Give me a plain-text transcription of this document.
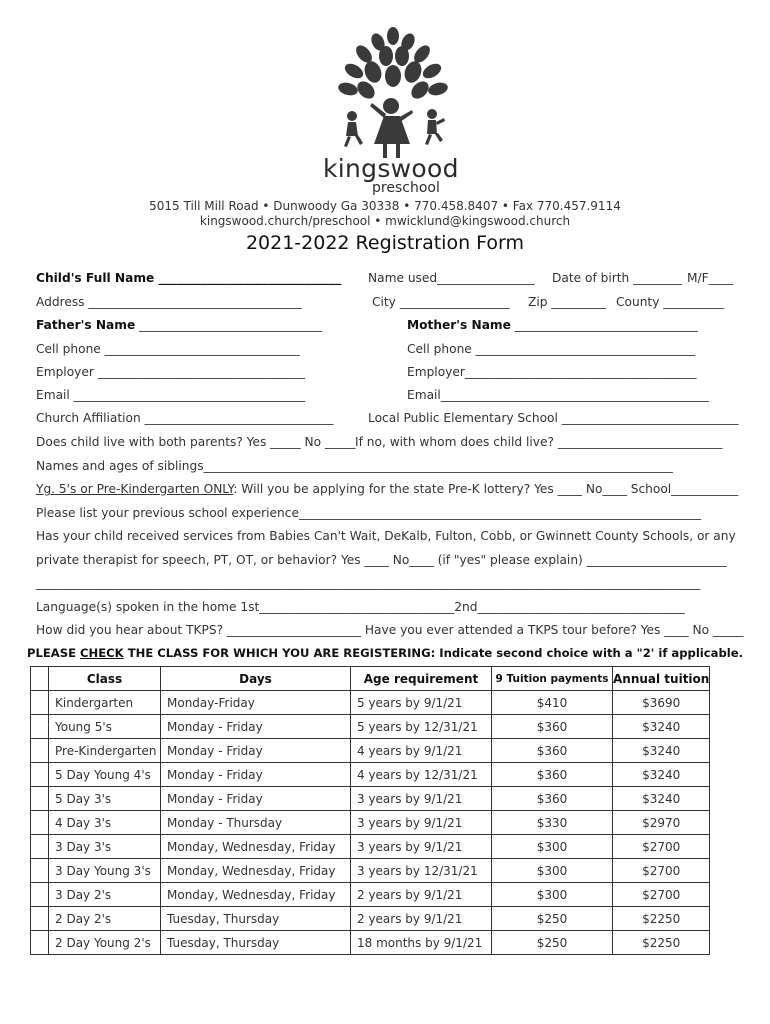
kingswood
preschool
5015 Till Mill Road • Dunwoody Ga 30338 • 770.458.8407 • Fax 770.457.9114
kingswood.church/preschool • mwicklund@kingswood.church
2021-2022 Registration Form
Child's Full Name ______________________________ Name used________________ Date of birth ________ M/F____
Address ___________________________________	City __________________ Zip _________ County __________
Father's Name ______________________________	Mother's Name ______________________________
Cell phone ________________________________	Cell phone ____________________________________
Employer __________________________________	Employer______________________________________
Email ______________________________________	Email____________________________________________
Church Affiliation _______________________________	Local Public Elementary School _____________________________
Does child live with both parents? Yes _____ No _____ If no, with whom does child live? ___________________________
Names and ages of siblings_____________________________________________________________________________
Yg. 5's or Pre-Kindergarten ONLY: Will you be applying for the state Pre-K lottery? Yes ____ No____ School___________
Please list your previous school experience__________________________________________________________________
Has your child received services from Babies Can't Wait, DeKalb, Fulton, Cobb, or Gwinnett County Schools, or any
private therapist for speech, PT, OT, or behavior? Yes ____ No____ (if "yes" please explain) _______________________
_____________________________________________________________________________________________________________
Language(s) spoken in the home 1st________________________________2nd__________________________________
How did you hear about TKPS? ______________________ Have you ever attended a TKPS tour before? Yes ____ No _____
PLEASE CHECK THE CLASS FOR WHICH YOU ARE REGISTERING: Indicate second choice with a "2' if applicable.
	Class	Days	Age requirement	9 Tuition payments	Annual tuition
	Kindergarten	Monday-Friday	5 years by 9/1/21	$410	$3690
	Young 5's	Monday - Friday	5 years by 12/31/21	$360	$3240
	Pre-Kindergarten	Monday - Friday	4 years by 9/1/21	$360	$3240
	5 Day Young 4's	Monday - Friday	4 years by 12/31/21	$360	$3240
	5 Day 3's	Monday - Friday	3 years by 9/1/21	$360	$3240
	4 Day 3's	Monday - Thursday	3 years by 9/1/21	$330	$2970
	3 Day 3's	Monday, Wednesday, Friday	3 years by 9/1/21	$300	$2700
	3 Day Young 3's	Monday, Wednesday, Friday	3 years by 12/31/21	$300	$2700
	3 Day 2's	Monday, Wednesday, Friday	2 years by 9/1/21	$300	$2700
	2 Day 2's	Tuesday, Thursday	2 years by 9/1/21	$250	$2250
	2 Day Young 2's	Tuesday, Thursday	18 months by 9/1/21	$250	$2250
